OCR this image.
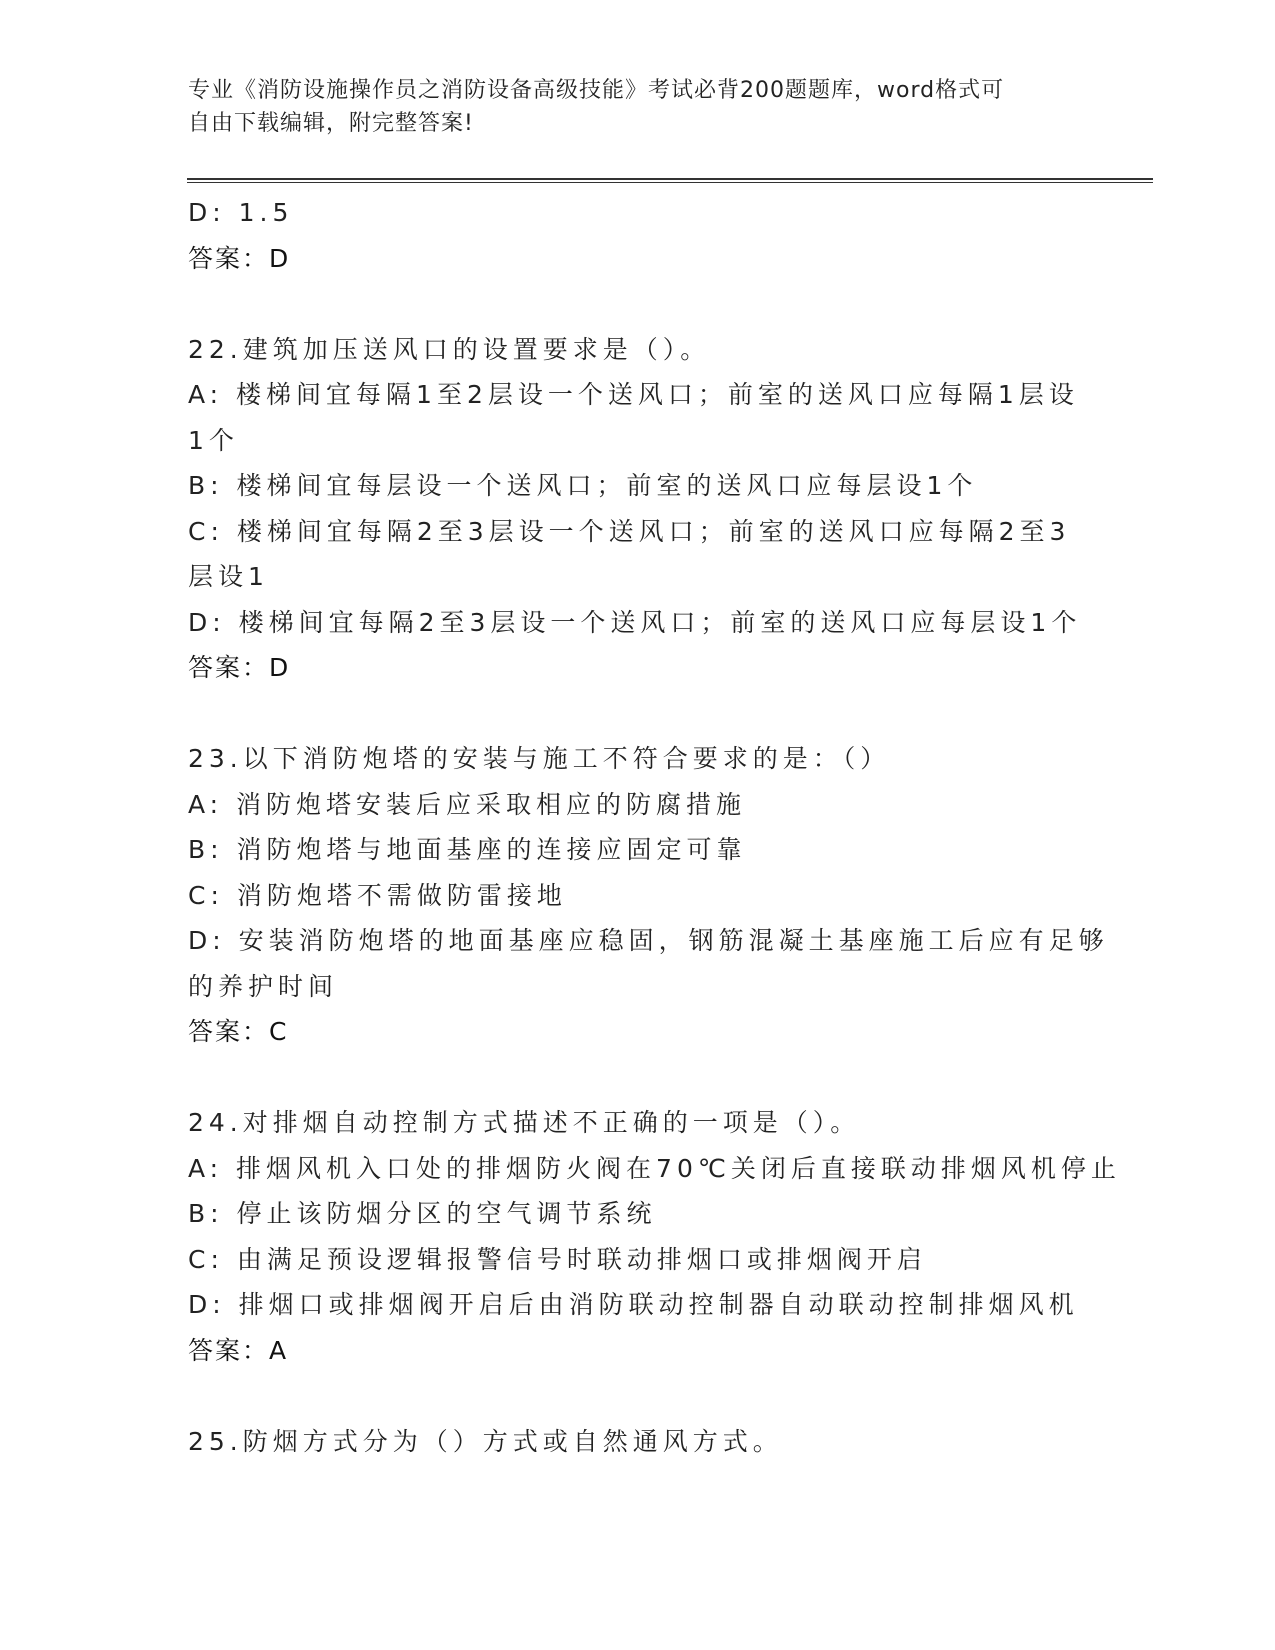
专业《消防设施操作员之消防设备高级技能》考试必背200题题库，word格式可
自由下载编辑，附完整答案!
D: 1.5
答案：D
22.建筑加压送风口的设置要求是（）。
A: 楼梯间宜每隔1至2层设一个送风口；前室的送风口应每隔1层设
1个
B: 楼梯间宜每层设一个送风口；前室的送风口应每层设1个
C: 楼梯间宜每隔2至3层设一个送风口；前室的送风口应每隔2至3
层设1
D: 楼梯间宜每隔2至3层设一个送风口；前室的送风口应每层设1个
答案：D
23.以下消防炮塔的安装与施工不符合要求的是：（）
A: 消防炮塔安装后应采取相应的防腐措施
B: 消防炮塔与地面基座的连接应固定可靠
C: 消防炮塔不需做防雷接地
D: 安装消防炮塔的地面基座应稳固，钢筋混凝土基座施工后应有足够
的养护时间
答案：C
24.对排烟自动控制方式描述不正确的一项是（）。
A: 排烟风机入口处的排烟防火阀在70℃关闭后直接联动排烟风机停止
B: 停止该防烟分区的空气调节系统
C: 由满足预设逻辑报警信号时联动排烟口或排烟阀开启
D: 排烟口或排烟阀开启后由消防联动控制器自动联动控制排烟风机
答案：A
25.防烟方式分为（）方式或自然通风方式。
